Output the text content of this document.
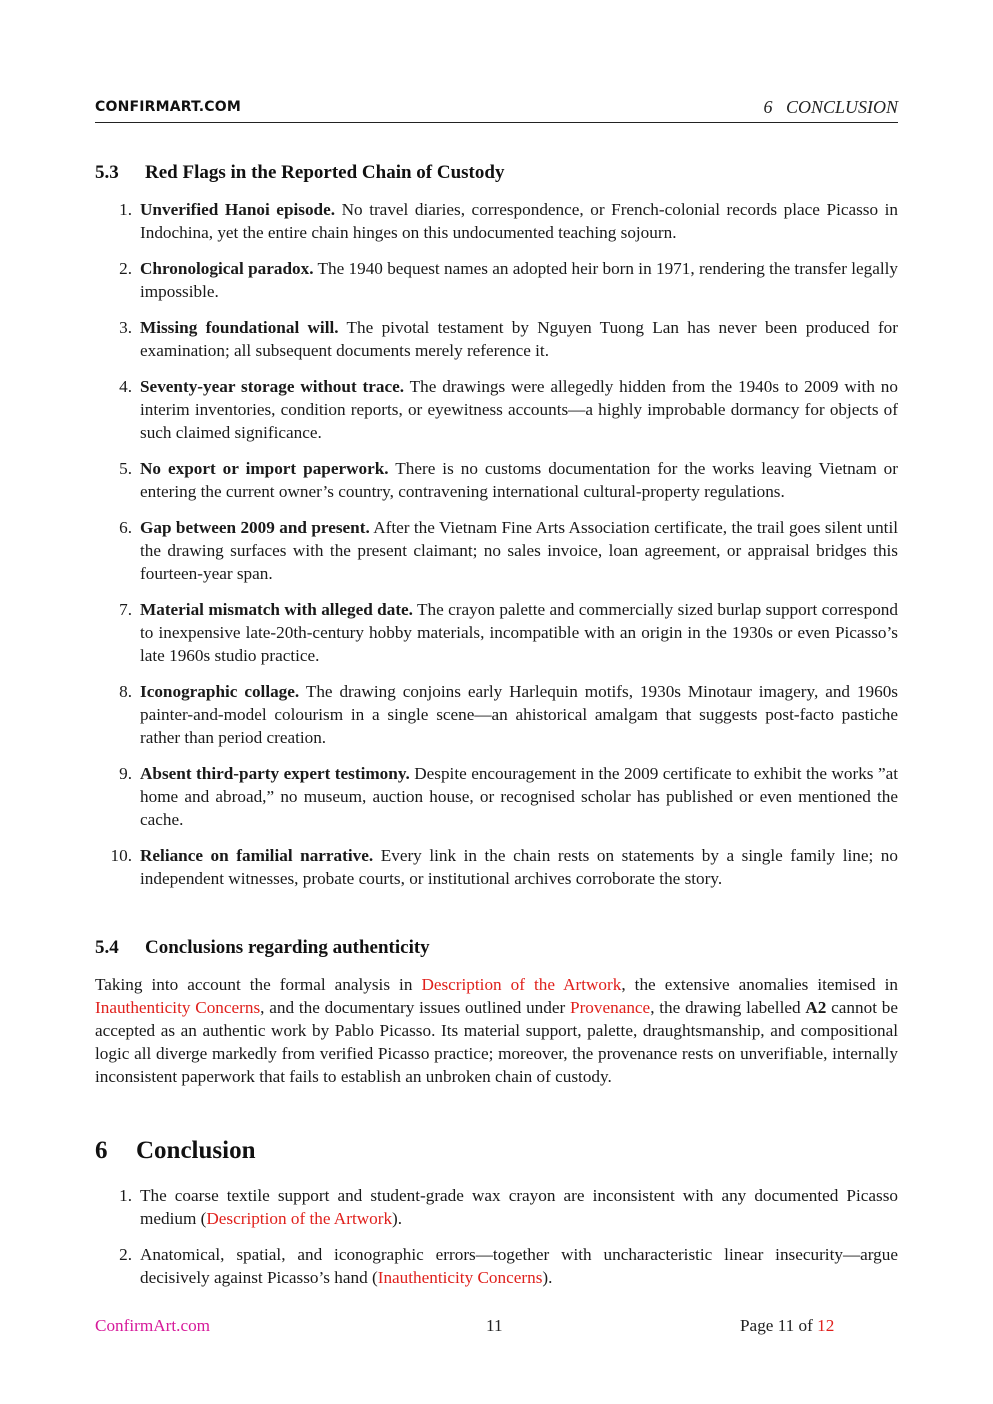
CONFIRMART.COM	6 CONCLUSION
5.3 Red Flags in the Reported Chain of Custody
1. Unverified Hanoi episode. No travel diaries, correspondence, or French-colonial records place Picasso in Indochina, yet the entire chain hinges on this undocumented teaching sojourn.
2. Chronological paradox. The 1940 bequest names an adopted heir born in 1971, rendering the transfer legally impossible.
3. Missing foundational will. The pivotal testament by Nguyen Tuong Lan has never been produced for examination; all subsequent documents merely reference it.
4. Seventy-year storage without trace. The drawings were allegedly hidden from the 1940s to 2009 with no interim inventories, condition reports, or eyewitness accounts—a highly improbable dormancy for objects of such claimed significance.
5. No export or import paperwork. There is no customs documentation for the works leaving Vietnam or entering the current owner’s country, contravening international cultural-property regulations.
6. Gap between 2009 and present. After the Vietnam Fine Arts Association certificate, the trail goes silent until the drawing surfaces with the present claimant; no sales invoice, loan agreement, or appraisal bridges this fourteen-year span.
7. Material mismatch with alleged date. The crayon palette and commercially sized burlap support correspond to inexpensive late-20th-century hobby materials, incompatible with an origin in the 1930s or even Picasso’s late 1960s studio practice.
8. Iconographic collage. The drawing conjoins early Harlequin motifs, 1930s Minotaur imagery, and 1960s painter-and-model colourism in a single scene—an ahistorical amalgam that suggests post-facto pastiche rather than period creation.
9. Absent third-party expert testimony. Despite encouragement in the 2009 certificate to exhibit the works ”at home and abroad,” no museum, auction house, or recognised scholar has published or even mentioned the cache.
10. Reliance on familial narrative. Every link in the chain rests on statements by a single family line; no independent witnesses, probate courts, or institutional archives corroborate the story.
5.4 Conclusions regarding authenticity

Taking into account the formal analysis in Description of the Artwork, the extensive anomalies itemised in Inauthenticity Concerns, and the documentary issues outlined under Provenance, the drawing labelled A2 cannot be accepted as an authentic work by Pablo Picasso. Its material support, palette, draughtsmanship, and compositional logic all diverge markedly from verified Picasso practice; moreover, the provenance rests on unverifiable, internally inconsistent paperwork that fails to establish an unbroken chain of custody.

6 Conclusion
1. The coarse textile support and student-grade wax crayon are inconsistent with any documented Picasso medium (Description of the Artwork).
2. Anatomical, spatial, and iconographic errors—together with uncharacteristic linear insecurity—argue decisively against Picasso’s hand (Inauthenticity Concerns).
ConfirmArt.com	11	Page 11 of 12
